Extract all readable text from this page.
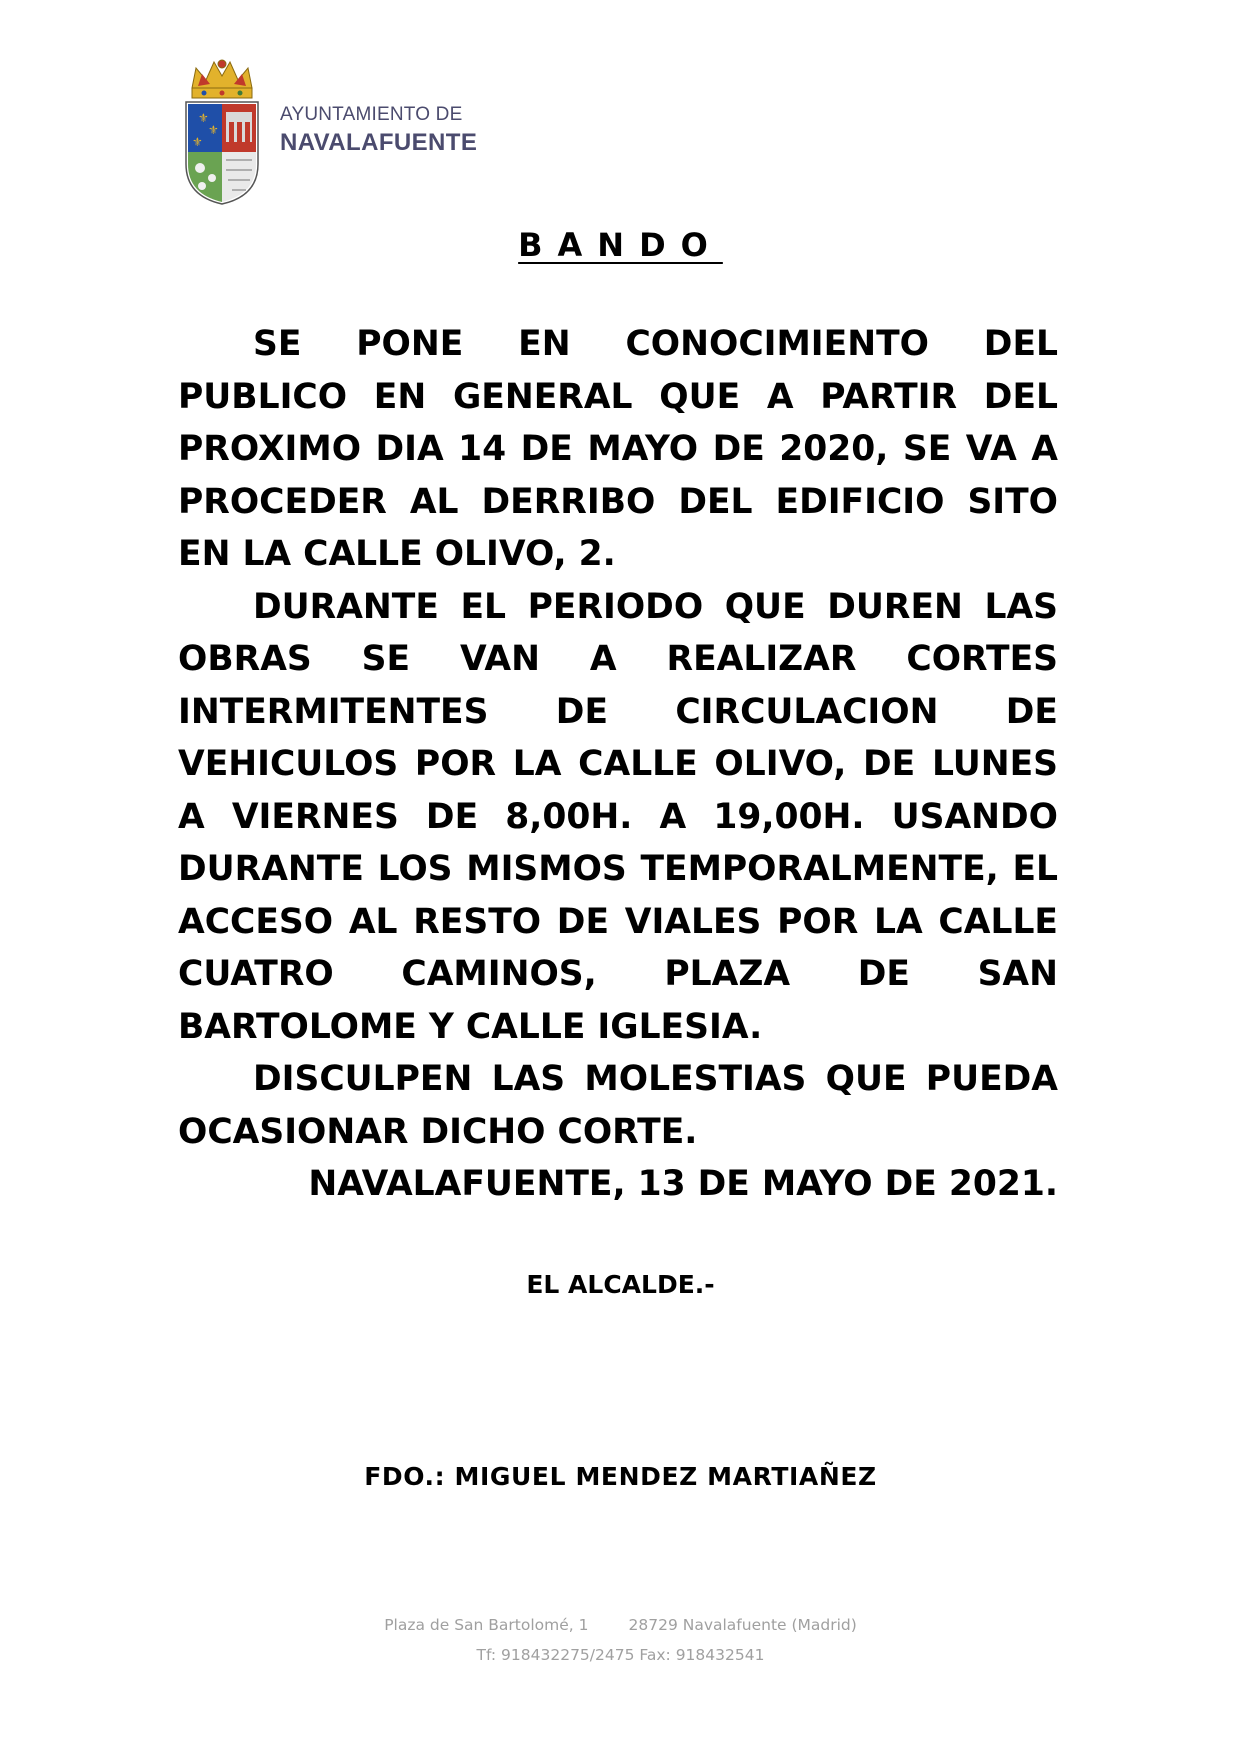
⚜
⚜
⚜
AYUNTAMIENTO DE
NAVALAFUENTE
BANDO

SE PONE EN CONOCIMIENTO DEL PUBLICO EN GENERAL QUE A PARTIR DEL PROXIMO DIA 14 DE MAYO DE 2020, SE VA A PROCEDER AL DERRIBO DEL EDIFICIO SITO EN LA CALLE OLIVO, 2.

DURANTE EL PERIODO QUE DUREN LAS OBRAS SE VAN A REALIZAR CORTES INTERMITENTES DE CIRCULACION DE VEHICULOS POR LA CALLE OLIVO, DE LUNES A VIERNES DE 8,00H. A 19,00H. USANDO DURANTE LOS MISMOS TEMPORALMENTE, EL ACCESO AL RESTO DE VIALES POR LA CALLE CUATRO CAMINOS, PLAZA DE SAN BARTOLOME Y CALLE IGLESIA.

DISCULPEN LAS MOLESTIAS QUE PUEDA OCASIONAR DICHO CORTE.

NAVALAFUENTE, 13 DE MAYO DE 2021.

EL ALCALDE.-
FDO.: MIGUEL MENDEZ MARTIAÑEZ
Plaza de San Bartolomé, 1	28729 Navalafuente (Madrid)
Tf: 918432275/2475 Fax: 918432541
